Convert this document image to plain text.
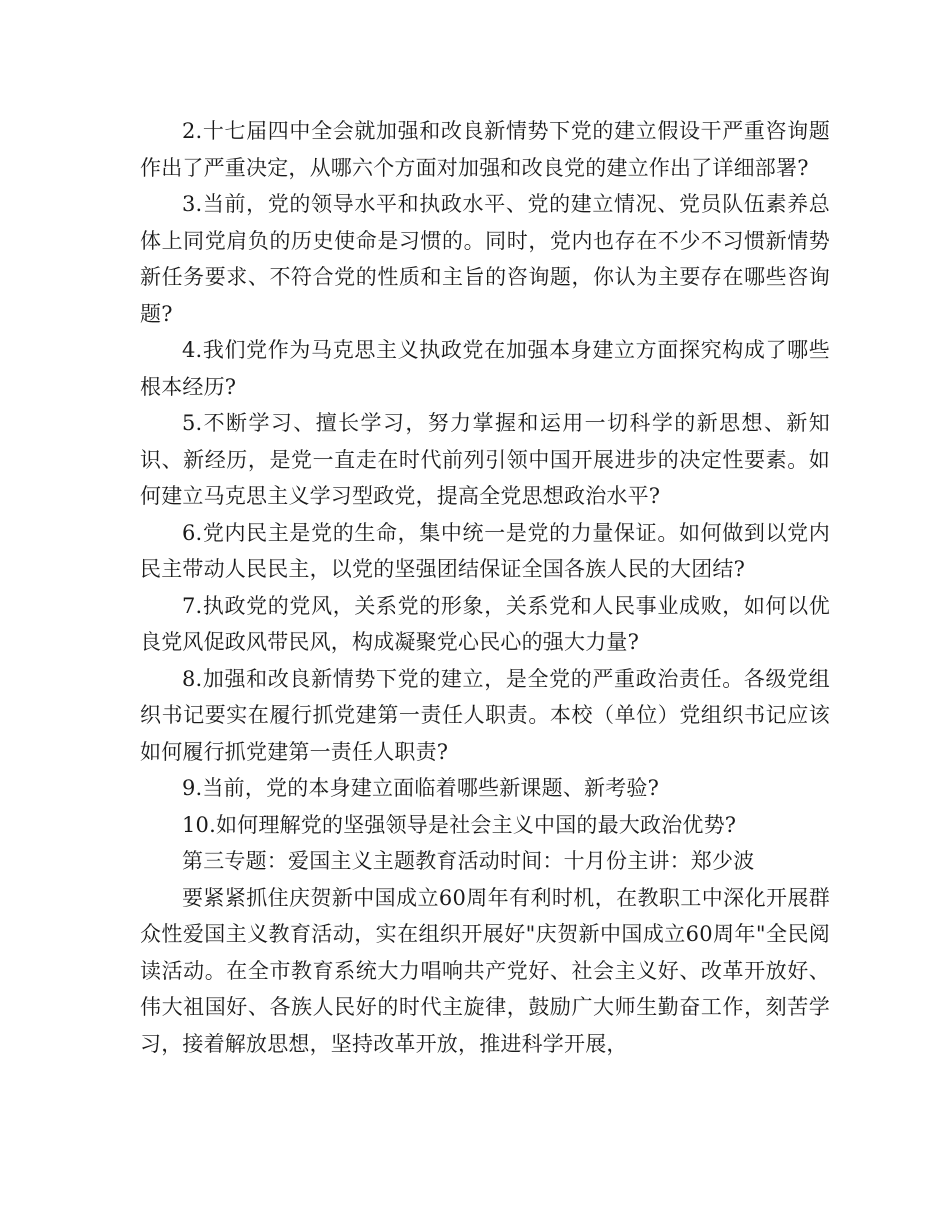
2.十七届四中全会就加强和改良新情势下党的建立假设干严重咨询题作出了严重决定，从哪六个方面对加强和改良党的建立作出了详细部署?

3.当前，党的领导水平和执政水平、党的建立情况、党员队伍素养总体上同党肩负的历史使命是习惯的。同时，党内也存在不少不习惯新情势新任务要求、不符合党的性质和主旨的咨询题，你认为主要存在哪些咨询题?

4.我们党作为马克思主义执政党在加强本身建立方面探究构成了哪些根本经历?

5.不断学习、擅长学习，努力掌握和运用一切科学的新思想、新知识、新经历，是党一直走在时代前列引领中国开展进步的决定性要素。如何建立马克思主义学习型政党，提高全党思想政治水平?

6.党内民主是党的生命，集中统一是党的力量保证。如何做到以党内民主带动人民民主，以党的坚强团结保证全国各族人民的大团结?

7.执政党的党风，关系党的形象，关系党和人民事业成败，如何以优良党风促政风带民风，构成凝聚党心民心的强大力量?

8.加强和改良新情势下党的建立，是全党的严重政治责任。各级党组织书记要实在履行抓党建第一责任人职责。本校（单位）党组织书记应该如何履行抓党建第一责任人职责?

9.当前，党的本身建立面临着哪些新课题、新考验?

10.如何理解党的坚强领导是社会主义中国的最大政治优势?

第三专题：爱国主义主题教育活动时间：十月份主讲：郑少波

要紧紧抓住庆贺新中国成立60周年有利时机，在教职工中深化开展群众性爱国主义教育活动，实在组织开展好"庆贺新中国成立60周年"全民阅读活动。在全市教育系统大力唱响共产党好、社会主义好、改革开放好、伟大祖国好、各族人民好的时代主旋律，鼓励广大师生勤奋工作，刻苦学习，接着解放思想，坚持改革开放，推进科学开展，
